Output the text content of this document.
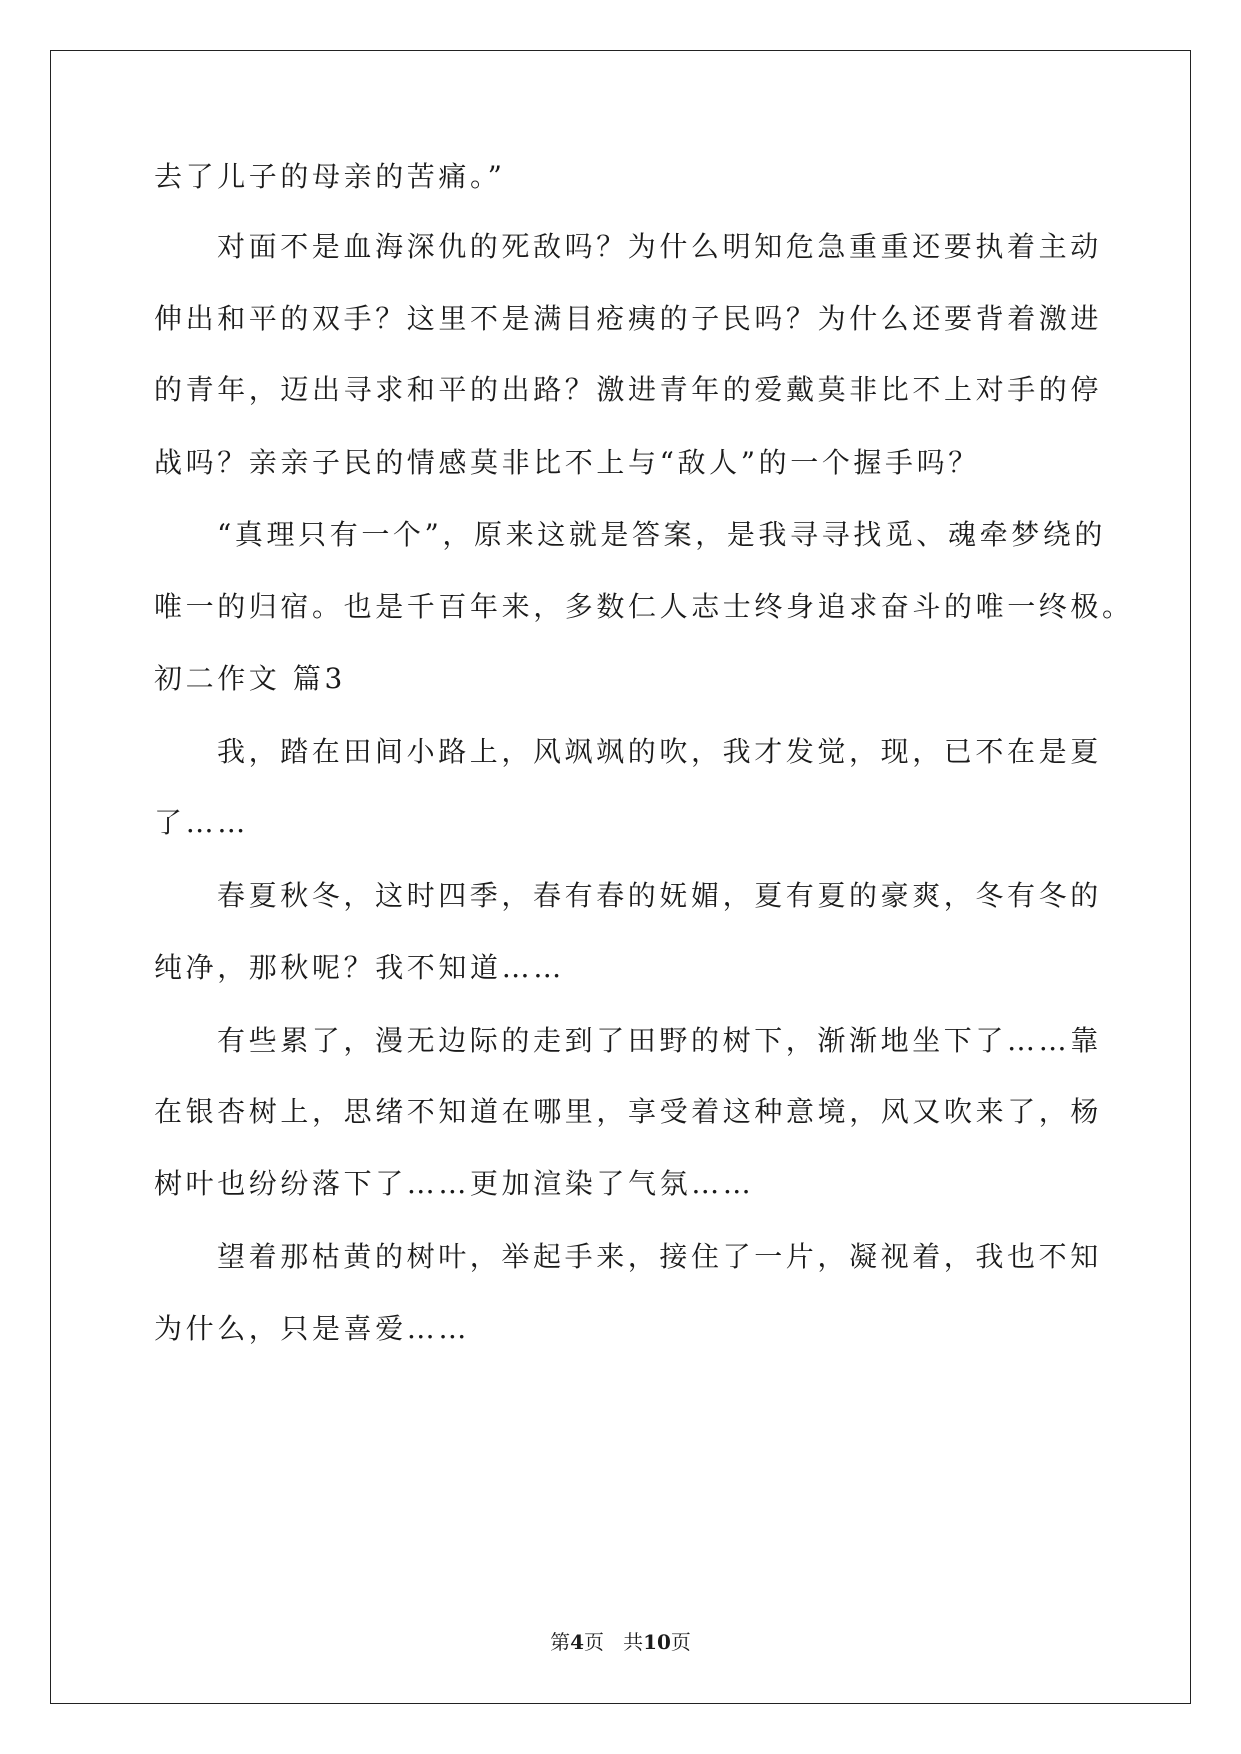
去了儿子的母亲的苦痛。”
对面不是血海深仇的死敌吗？为什么明知危急重重还要执着主动
伸出和平的双手？这里不是满目疮痍的子民吗？为什么还要背着激进
的青年，迈出寻求和平的出路？激进青年的爱戴莫非比不上对手的停
战吗？亲亲子民的情感莫非比不上与“敌人”的一个握手吗？
“真理只有一个”，原来这就是答案，是我寻寻找觅、魂牵梦绕的
唯一的归宿。也是千百年来，多数仁人志士终身追求奋斗的唯一终极。
初二作文 篇3
我，踏在田间小路上，风飒飒的吹，我才发觉，现，已不在是夏
了……
春夏秋冬，这时四季，春有春的妩媚，夏有夏的豪爽，冬有冬的
纯净，那秋呢？我不知道……
有些累了，漫无边际的走到了田野的树下，渐渐地坐下了……靠
在银杏树上，思绪不知道在哪里，享受着这种意境，风又吹来了，杨
树叶也纷纷落下了……更加渲染了气氛……
望着那枯黄的树叶，举起手来，接住了一片，凝视着，我也不知
为什么，只是喜爱……
第4页 共10页
